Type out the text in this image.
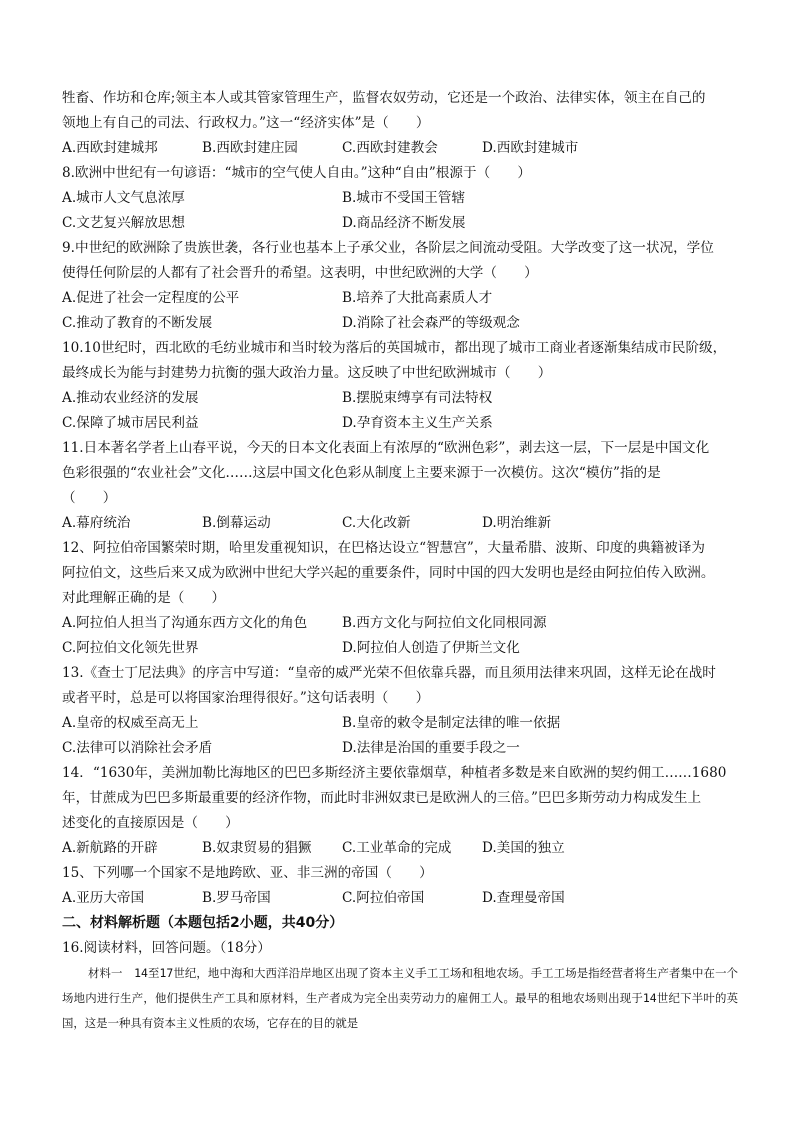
牲畜、作坊和仓库;领主本人或其管家管理生产，监督农奴劳动，它还是一个政治、法律实体，领主在自己的
领地上有自己的司法、行政权力。”这一“经济实体”是（　　）
A.西欧封建城邦	B.西欧封建庄园	C.西欧封建教会	D.西欧封建城市
8.欧洲中世纪有一句谚语：“城市的空气使人自由。”这种“自由”根源于（　　）
A.城市人文气息浓厚	B.城市不受国王管辖
C.文艺复兴解放思想	D.商品经济不断发展
9.中世纪的欧洲除了贵族世袭，各行业也基本上子承父业，各阶层之间流动受阻。大学改变了这一状况，学位
使得任何阶层的人都有了社会晋升的希望。这表明，中世纪欧洲的大学（　　）
A.促进了社会一定程度的公平	B.培养了大批高素质人才
C.推动了教育的不断发展	D.消除了社会森严的等级观念
10.10世纪时，西北欧的毛纺业城市和当时较为落后的英国城市，都出现了城市工商业者逐渐集结成市民阶级，
最终成长为能与封建势力抗衡的强大政治力量。这反映了中世纪欧洲城市（　　）
A.推动农业经济的发展	B.摆脱束缚享有司法特权
C.保障了城市居民利益	D.孕育资本主义生产关系
11.日本著名学者上山春平说，今天的日本文化表面上有浓厚的“欧洲色彩”，剥去这一层，下一层是中国文化
色彩很强的“农业社会”文化……这层中国文化色彩从制度上主要来源于一次模仿。这次“模仿”指的是
（　　）
A.幕府统治	B.倒幕运动	C.大化改新	D.明治维新
12、阿拉伯帝国繁荣时期，哈里发重视知识，在巴格达设立“智慧宫”，大量希腊、波斯、印度的典籍被译为
阿拉伯文，这些后来又成为欧洲中世纪大学兴起的重要条件，同时中国的四大发明也是经由阿拉伯传入欧洲。
对此理解正确的是（　　）
A.阿拉伯人担当了沟通东西方文化的角色	B.西方文化与阿拉伯文化同根同源
C.阿拉伯文化领先世界	D.阿拉伯人创造了伊斯兰文化
13.《查士丁尼法典》的序言中写道：“皇帝的威严光荣不但依靠兵器，而且须用法律来巩固，这样无论在战时
或者平时，总是可以将国家治理得很好。”这句话表明（　　）
A.皇帝的权威至高无上	B.皇帝的敕令是制定法律的唯一依据
C.法律可以消除社会矛盾	D.法律是治国的重要手段之一
14．“1630年，美洲加勒比海地区的巴巴多斯经济主要依靠烟草，种植者多数是来自欧洲的契约佣工……1680
年，甘蔗成为巴巴多斯最重要的经济作物，而此时非洲奴隶已是欧洲人的三倍。”巴巴多斯劳动力构成发生上
述变化的直接原因是（　　）
A.新航路的开辟	B.奴隶贸易的猖獗	C.工业革命的完成	D.美国的独立
15、下列哪一个国家不是地跨欧、亚、非三洲的帝国（　　）
A.亚历大帝国	B.罗马帝国	C.阿拉伯帝国	D.查理曼帝国
二、材料解析题（本题包括2小题，共40分）
16.阅读材料，回答问题。（18分）
材料一　14至17世纪，地中海和大西洋沿岸地区出现了资本主义手工工场和租地农场。手工工场是指经营者将生产者集中在一个场地内进行生产，他们提供生产工具和原材料，生产者成为完全出卖劳动力的雇佣工人。最早的租地农场则出现于14世纪下半叶的英国，这是一种具有资本主义性质的农场，它存在的目的就是
